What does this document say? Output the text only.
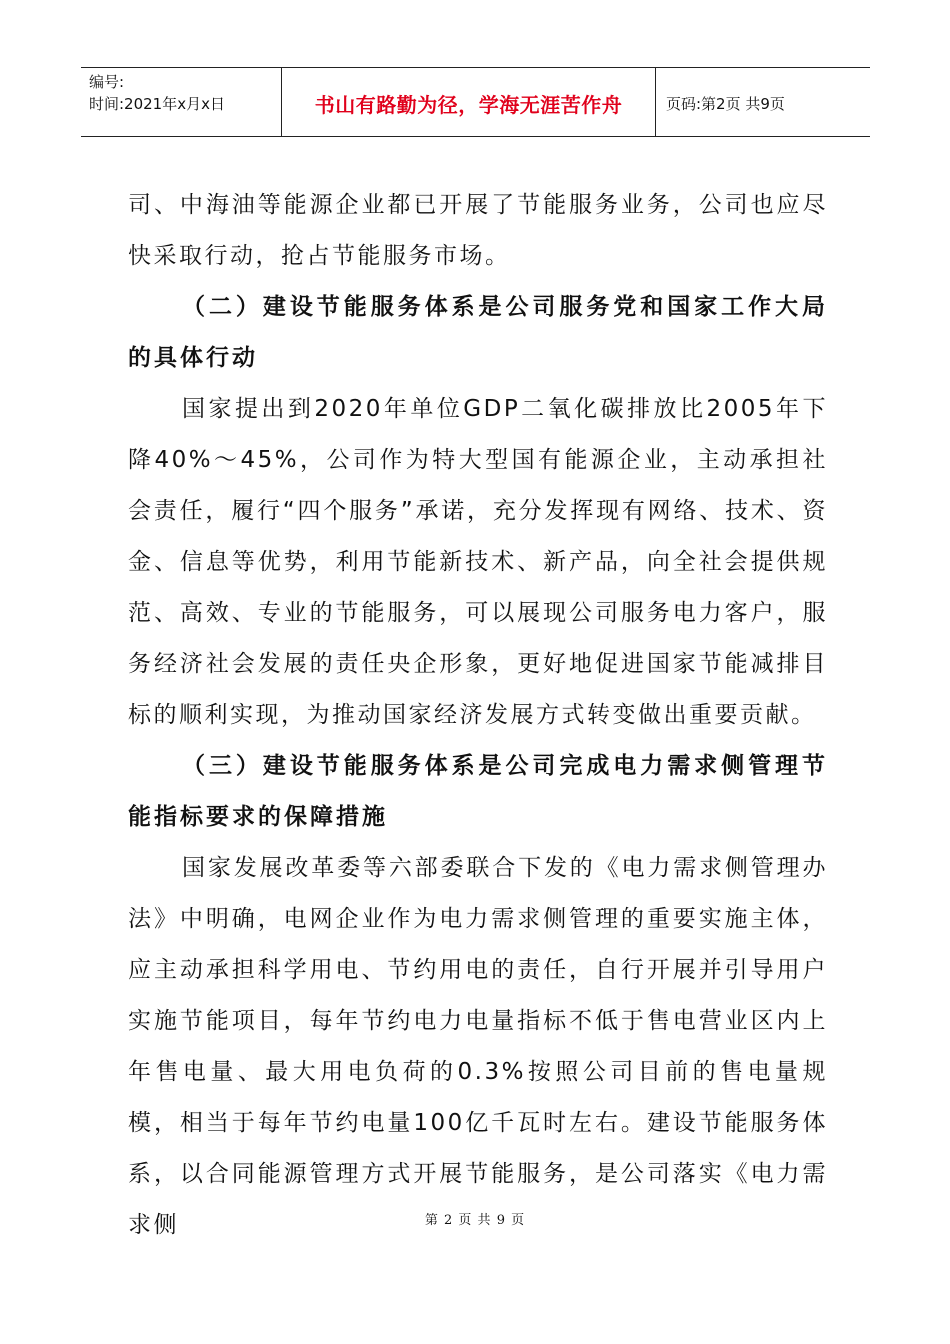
编号:
时间:2021年x月x日	书山有路勤为径，学海无涯苦作舟	页码:第2页 共9页

司、中海油等能源企业都已开展了节能服务业务，公司也应尽快采取行动，抢占节能服务市场。

（二）建设节能服务体系是公司服务党和国家工作大局的具体行动

国家提出到2020年单位GDP二氧化碳排放比2005年下降40%～45%，公司作为特大型国有能源企业，主动承担社会责任，履行“四个服务”承诺，充分发挥现有网络、技术、资金、信息等优势，利用节能新技术、新产品，向全社会提供规范、高效、专业的节能服务，可以展现公司服务电力客户，服务经济社会发展的责任央企形象，更好地促进国家节能减排目标的顺利实现，为推动国家经济发展方式转变做出重要贡献。

（三）建设节能服务体系是公司完成电力需求侧管理节能指标要求的保障措施

国家发展改革委等六部委联合下发的《电力需求侧管理办法》中明确，电网企业作为电力需求侧管理的重要实施主体，应主动承担科学用电、节约用电的责任，自行开展并引导用户实施节能项目，每年节约电力电量指标不低于售电营业区内上年售电量、最大用电负荷的0.3%按照公司目前的售电量规模，相当于每年节约电量100亿千瓦时左右。建设节能服务体系，以合同能源管理方式开展节能服务，是公司落实《电力需求侧	第 2 页 共 9 页
